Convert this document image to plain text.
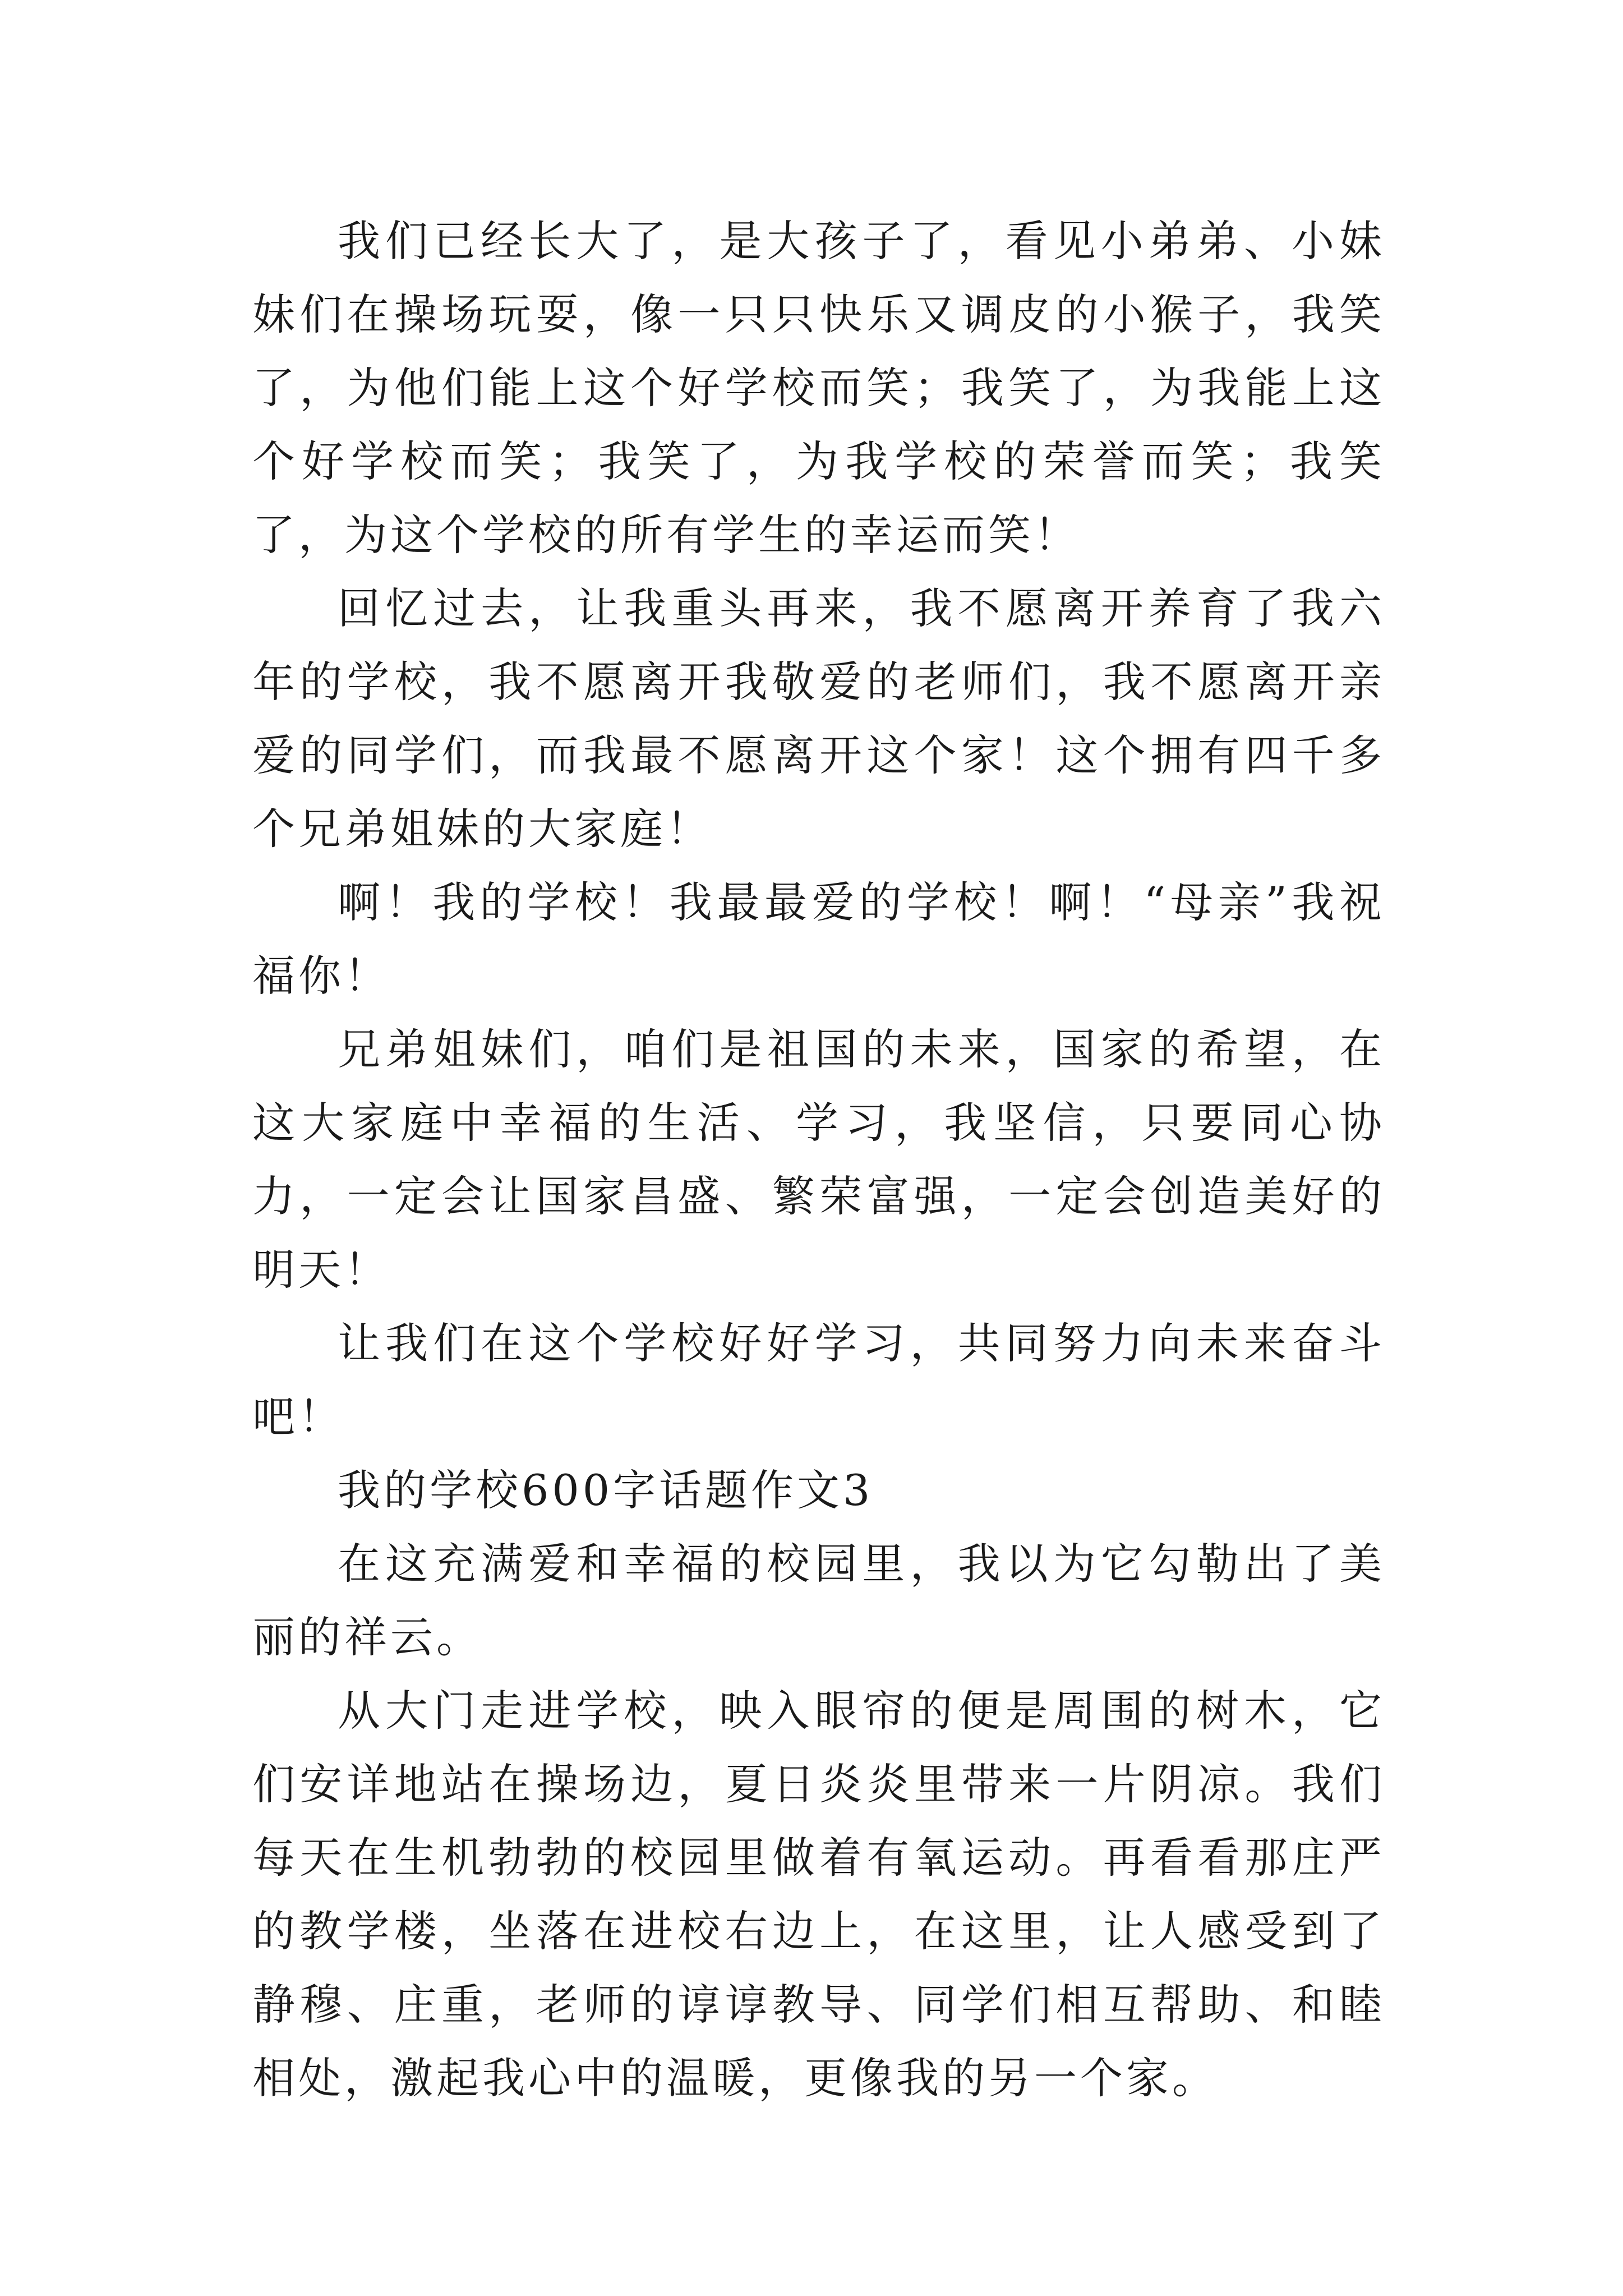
我们已经长大了，是大孩子了，看见小弟弟、小妹妹们在操场玩耍，像一只只快乐又调皮的小猴子，我笑了，为他们能上这个好学校而笑；我笑了，为我能上这个好学校而笑；我笑了，为我学校的荣誉而笑；我笑了，为这个学校的所有学生的幸运而笑！

回忆过去，让我重头再来，我不愿离开养育了我六年的学校，我不愿离开我敬爱的老师们，我不愿离开亲爱的同学们，而我最不愿离开这个家！这个拥有四千多个兄弟姐妹的大家庭！

啊！我的学校！我最最爱的学校！啊！“母亲”我祝福你！

兄弟姐妹们，咱们是祖国的未来，国家的希望，在这大家庭中幸福的生活、学习，我坚信，只要同心协力，一定会让国家昌盛、繁荣富强，一定会创造美好的明天！

让我们在这个学校好好学习，共同努力向未来奋斗吧！

我的学校600字话题作文3

在这充满爱和幸福的校园里，我以为它勾勒出了美丽的祥云。

从大门走进学校，映入眼帘的便是周围的树木，它们安详地站在操场边，夏日炎炎里带来一片阴凉。我们每天在生机勃勃的校园里做着有氧运动。再看看那庄严的教学楼，坐落在进校右边上，在这里，让人感受到了静穆、庄重，老师的谆谆教导、同学们相互帮助、和睦相处，激起我心中的温暖，更像我的另一个家。
